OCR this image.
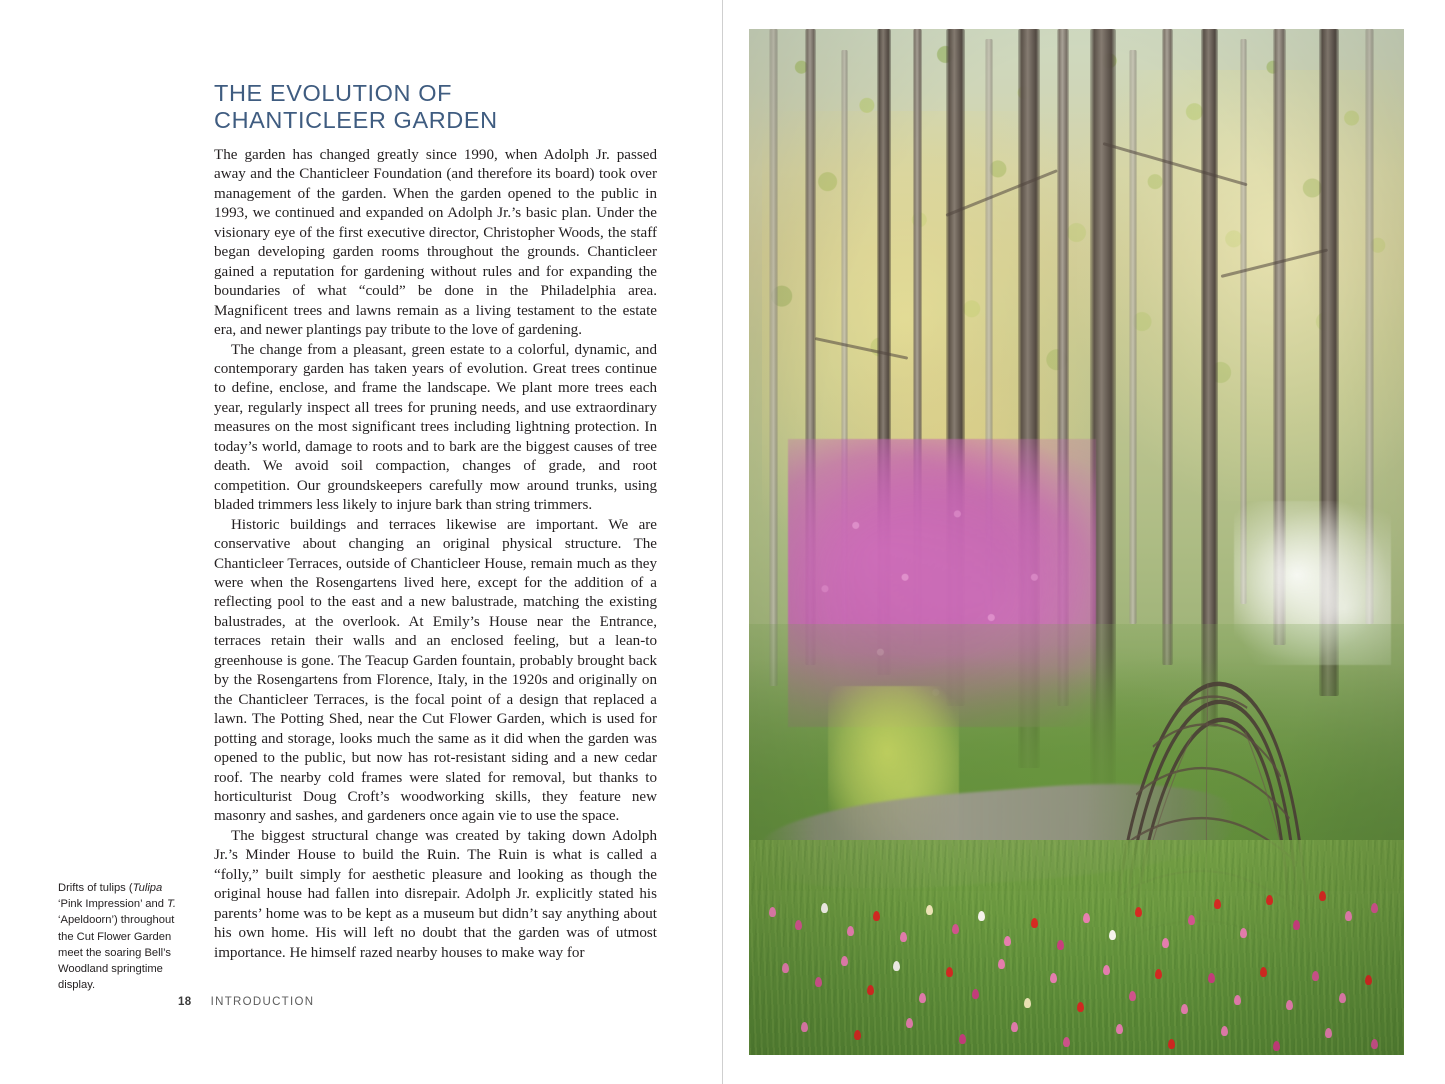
THE EVOLUTION OF
CHANTICLEER GARDEN

The garden has changed greatly since 1990, when Adolph Jr. passed away and the Chanticleer Foundation (and therefore its board) took over management of the garden. When the garden opened to the public in 1993, we continued and expanded on Adolph Jr.’s basic plan. Under the visionary eye of the first executive director, Christopher Woods, the staff began developing garden rooms throughout the grounds. Chanticleer gained a reputation for gardening without rules and for expanding the boundaries of what “could” be done in the Philadelphia area. Magnificent trees and lawns remain as a living testament to the estate era, and newer plantings pay tribute to the love of gardening.

The change from a pleasant, green estate to a colorful, dynamic, and contemporary garden has taken years of evolution. Great trees continue to define, enclose, and frame the landscape. We plant more trees each year, regularly inspect all trees for pruning needs, and use extraordinary measures on the most significant trees including lightning protection. In today’s world, damage to roots and to bark are the biggest causes of tree death. We avoid soil compaction, changes of grade, and root competition. Our groundskeepers carefully mow around trunks, using bladed trimmers less likely to injure bark than string trimmers.

Historic buildings and terraces likewise are important. We are conservative about changing an original physical structure. The Chanticleer Terraces, outside of Chanticleer House, remain much as they were when the Rosengartens lived here, except for the addition of a reflecting pool to the east and a new balustrade, matching the existing balustrades, at the overlook. At Emily’s House near the Entrance, terraces retain their walls and an enclosed feeling, but a lean-to greenhouse is gone. The Teacup Garden fountain, probably brought back by the Rosengartens from Florence, Italy, in the 1920s and originally on the Chanticleer Terraces, is the focal point of a design that replaced a lawn. The Potting Shed, near the Cut Flower Garden, which is used for potting and storage, looks much the same as it did when the garden was opened to the public, but now has rot-resistant siding and a new cedar roof. The nearby cold frames were slated for removal, but thanks to horticulturist Doug Croft’s woodworking skills, they feature new masonry and sashes, and gardeners once again vie to use the space.

The biggest structural change was created by taking down Adolph Jr.’s Minder House to build the Ruin. The Ruin is what is called a “folly,” built simply for aesthetic pleasure and looking as though the original house had fallen into disrepair. Adolph Jr. explicitly stated his parents’ home was to be kept as a museum but didn’t say anything about his own home. His will left no doubt that the garden was of utmost importance. He himself razed nearby houses to make way for

Drifts of tulips (Tulipa ‘Pink Impression’ and T. ‘Apeldoorn’) throughout the Cut Flower Garden meet the soaring Bell’s Woodland springtime display.
18 INTRODUCTION
